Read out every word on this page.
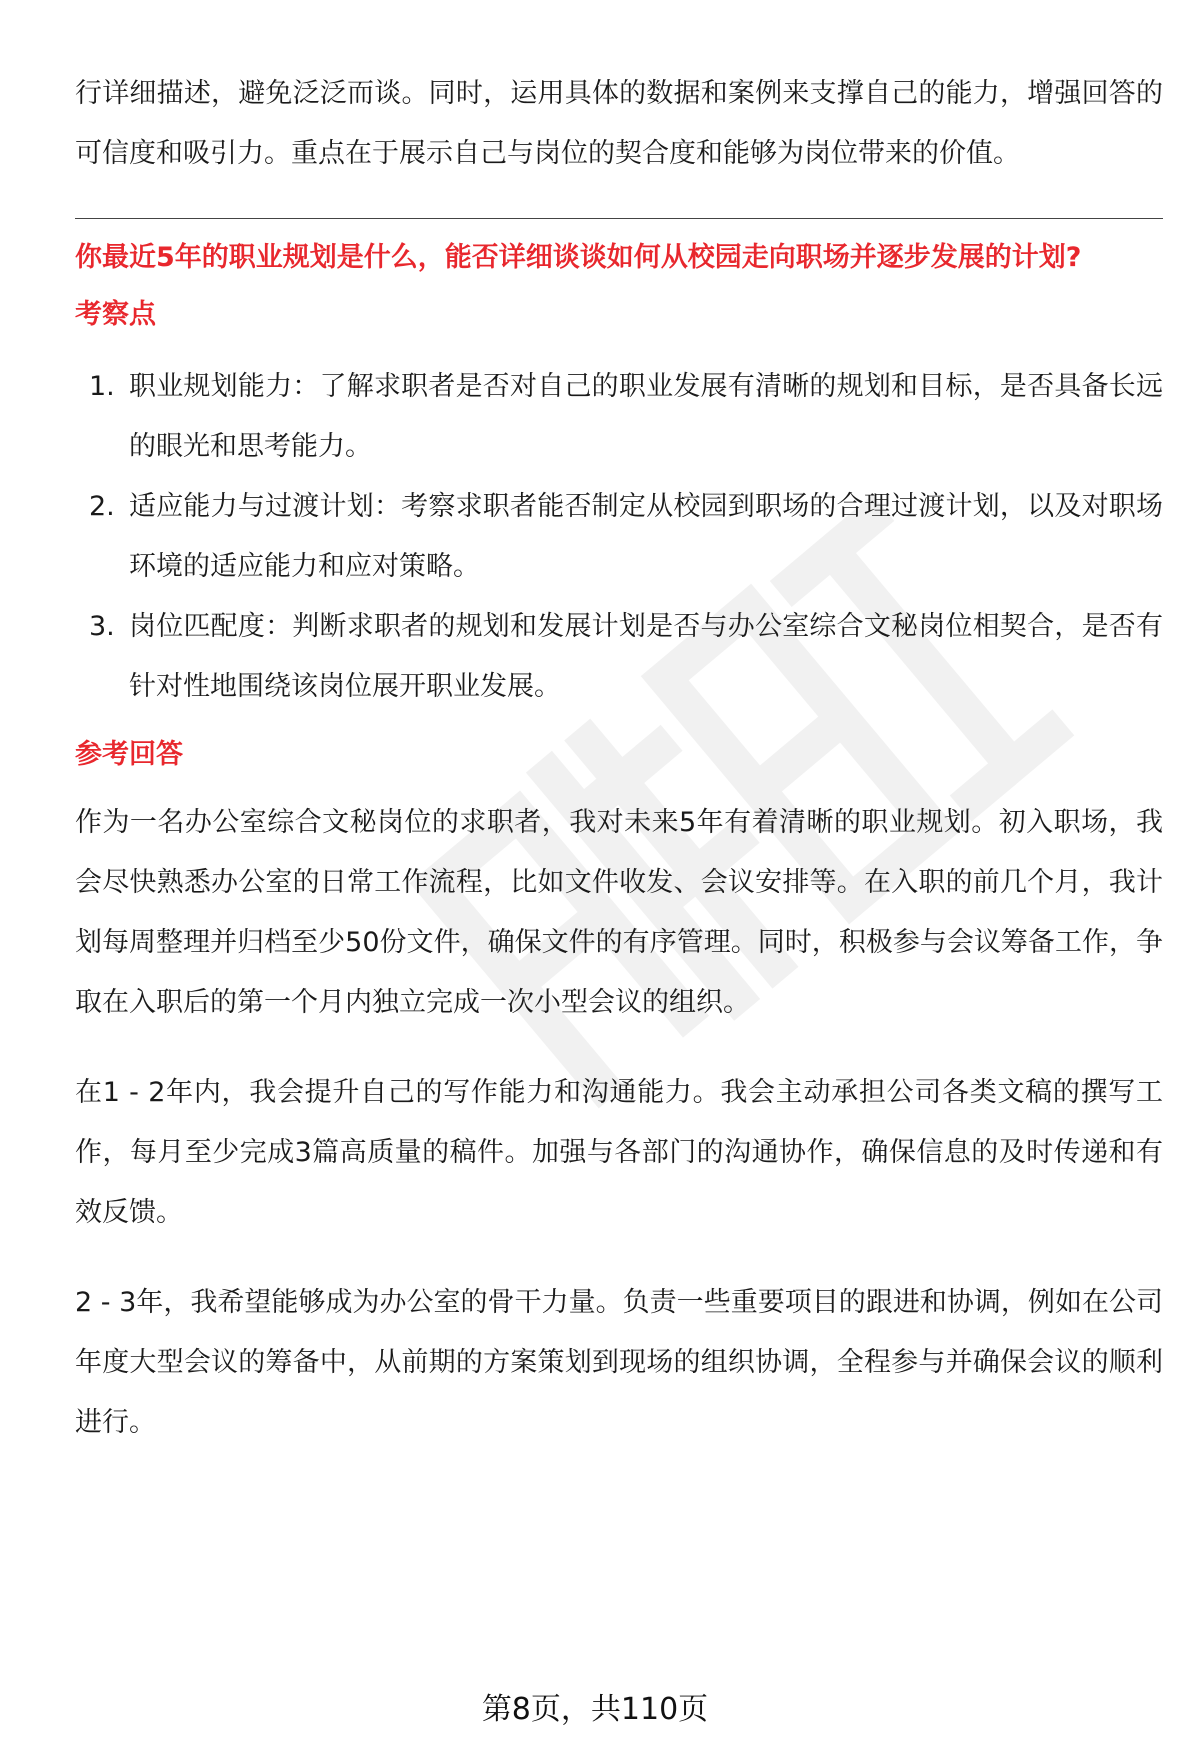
行详细描述，避免泛泛而谈。同时，运用具体的数据和案例来支撑自己的能力，增强回答的可信度和吸引力。重点在于展示自己与岗位的契合度和能够为岗位带来的价值。

你最近5年的职业规划是什么，能否详细谈谈如何从校园走向职场并逐步发展的计划?

考察点
1. 职业规划能力：了解求职者是否对自己的职业发展有清晰的规划和目标，是否具备长远的眼光和思考能力。
2. 适应能力与过渡计划：考察求职者能否制定从校园到职场的合理过渡计划，以及对职场环境的适应能力和应对策略。
3. 岗位匹配度：判断求职者的规划和发展计划是否与办公室综合文秘岗位相契合，是否有针对性地围绕该岗位展开职业发展。
参考回答

作为一名办公室综合文秘岗位的求职者，我对未来5年有着清晰的职业规划。初入职场，我会尽快熟悉办公室的日常工作流程，比如文件收发、会议安排等。在入职的前几个月，我计划每周整理并归档至少50份文件，确保文件的有序管理。同时，积极参与会议筹备工作，争取在入职后的第一个月内独立完成一次小型会议的组织。

在1 - 2年内，我会提升自己的写作能力和沟通能力。我会主动承担公司各类文稿的撰写工作，每月至少完成3篇高质量的稿件。加强与各部门的沟通协作，确保信息的及时传递和有效反馈。

2 - 3年，我希望能够成为办公室的骨干力量。负责一些重要项目的跟进和协调，例如在公司年度大型会议的筹备中，从前期的方案策划到现场的组织协调，全程参与并确保会议的顺利进行。

第8页，共110页
